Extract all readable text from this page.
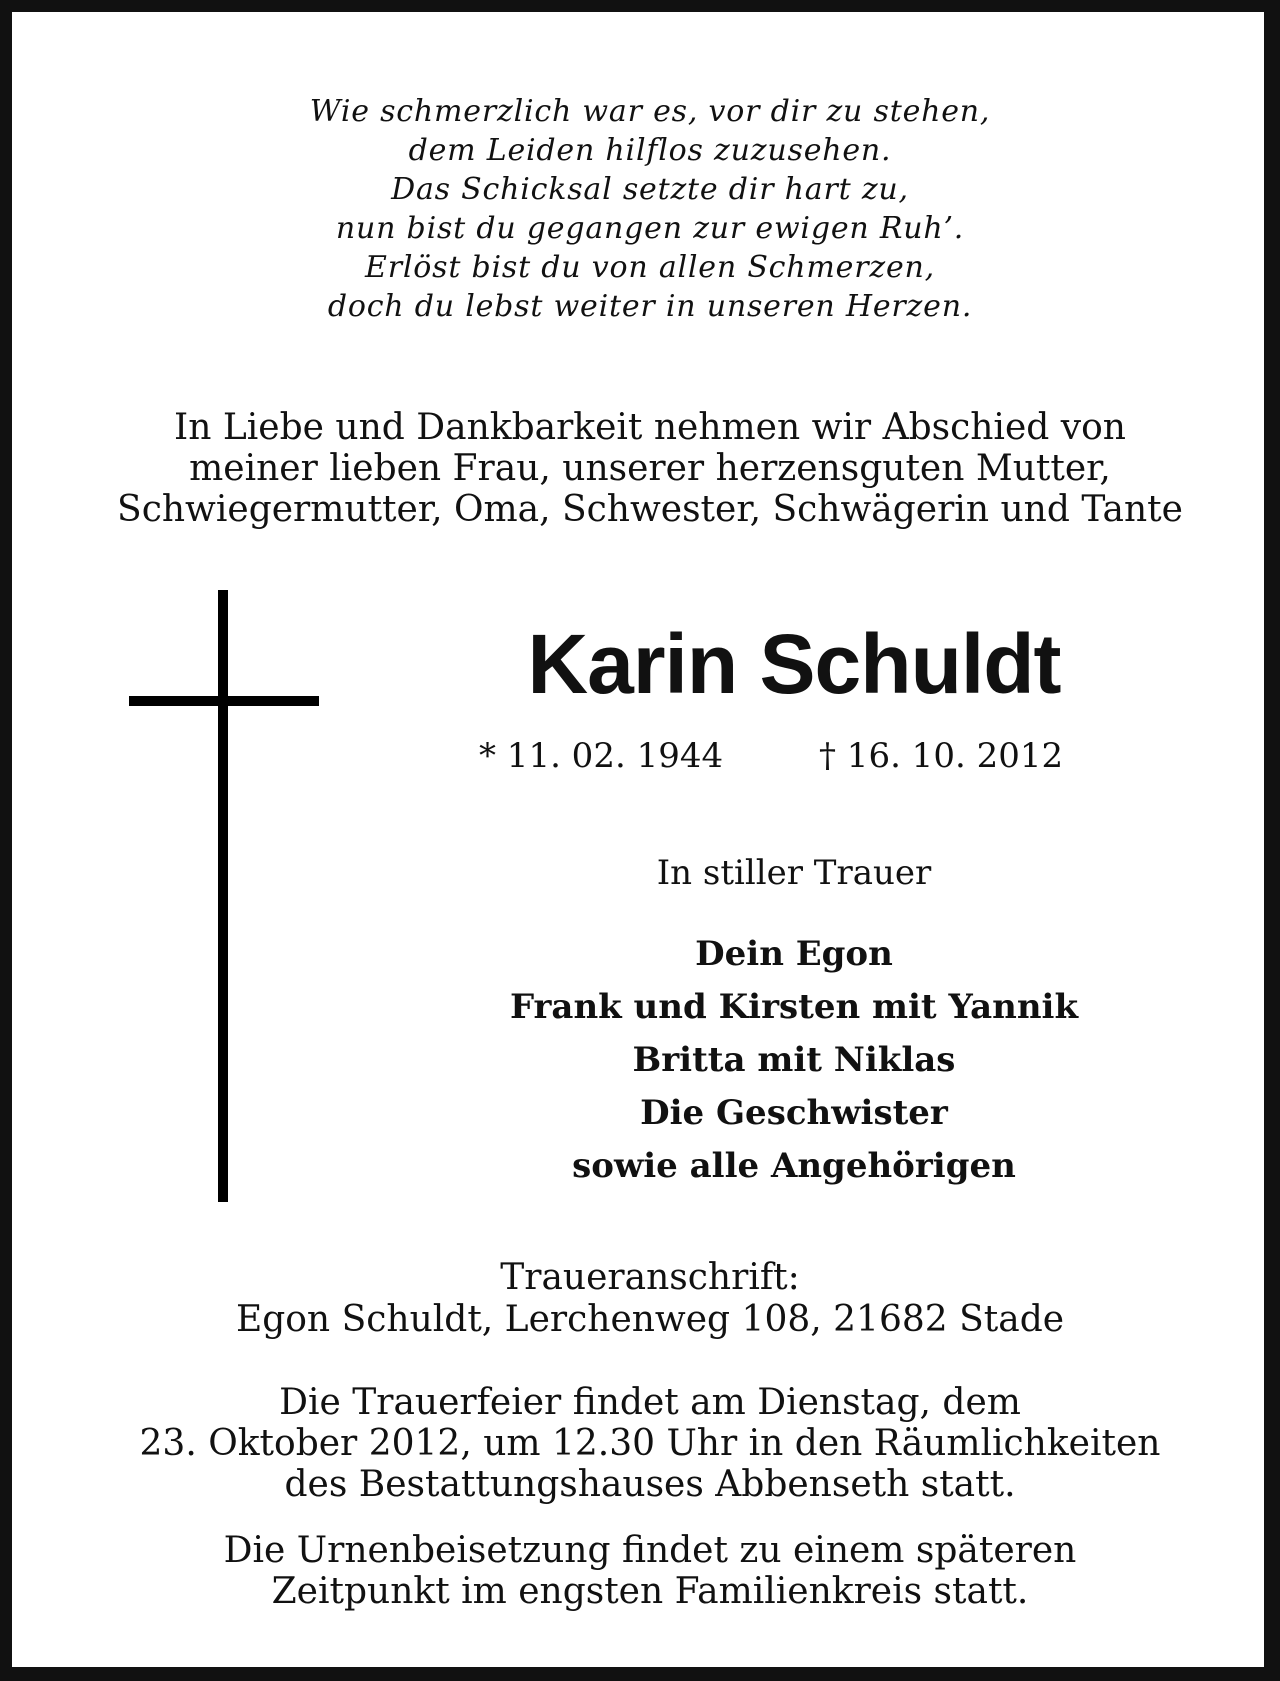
Wie schmerzlich war es, vor dir zu stehen,
dem Leiden hilflos zuzusehen.
Das Schicksal setzte dir hart zu,
nun bist du gegangen zur ewigen Ruh’.
Erlöst bist du von allen Schmerzen,
doch du lebst weiter in unseren Herzen.
In Liebe und Dankbarkeit nehmen wir Abschied von
meiner lieben Frau, unserer herzensguten Mutter,
Schwiegermutter, Oma, Schwester, Schwägerin und Tante
Karin Schuldt
* 11. 02. 1944	† 16. 10. 2012
In stiller Trauer
Dein Egon
Frank und Kirsten mit Yannik
Britta mit Niklas
Die Geschwister
sowie alle Angehörigen
Traueranschrift:
Egon Schuldt, Lerchenweg 108, 21682 Stade
Die Trauerfeier findet am Dienstag, dem
23. Oktober 2012, um 12.30 Uhr in den Räumlichkeiten
des Bestattungshauses Abbenseth statt.
Die Urnenbeisetzung findet zu einem späteren
Zeitpunkt im engsten Familienkreis statt.
